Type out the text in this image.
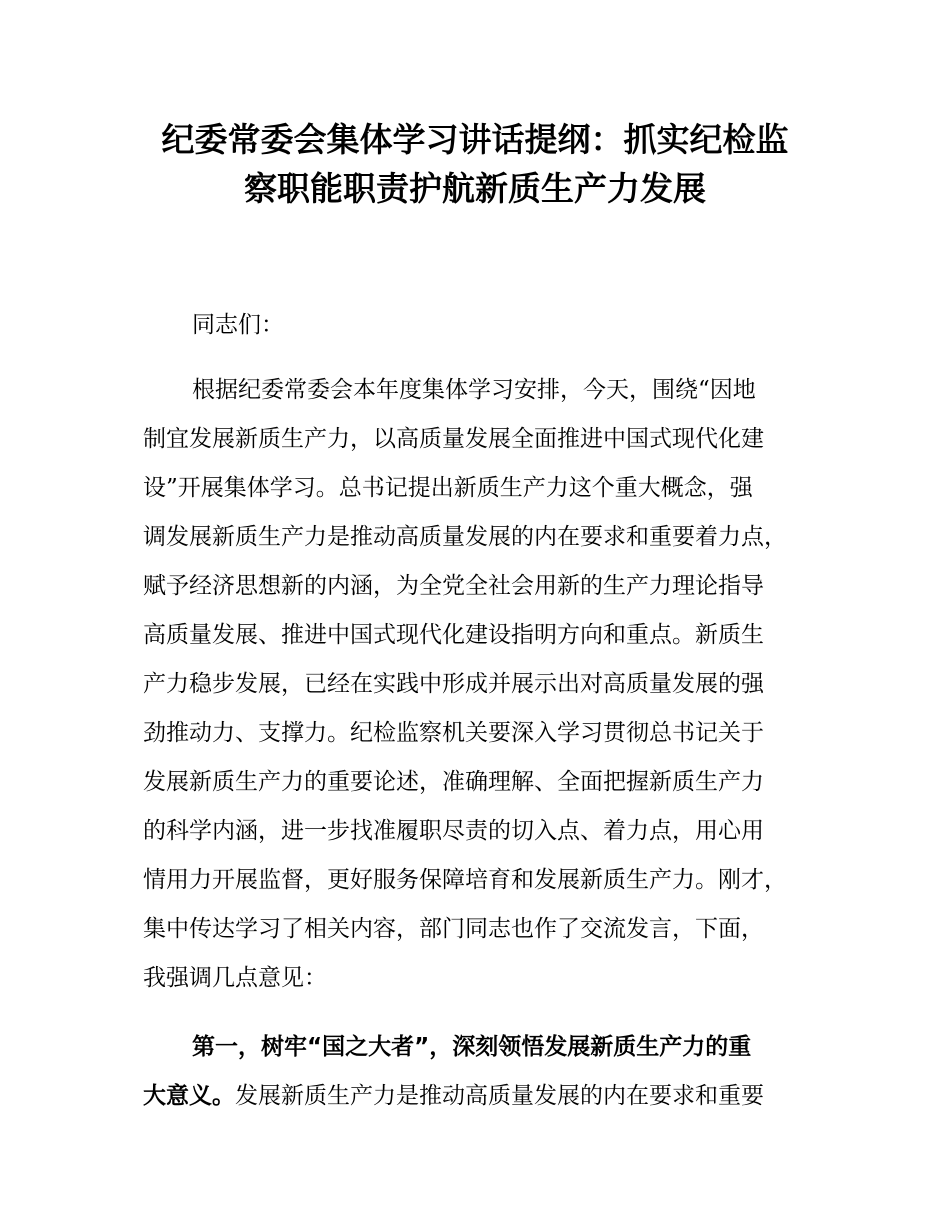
纪委常委会集体学习讲话提纲：抓实纪检监
察职能职责护航新质生产力发展
同志们：
根据纪委常委会本年度集体学习安排，今天，围绕“因地
制宜发展新质生产力，以高质量发展全面推进中国式现代化建
设”开展集体学习。总书记提出新质生产力这个重大概念，强
调发展新质生产力是推动高质量发展的内在要求和重要着力点，
赋予经济思想新的内涵，为全党全社会用新的生产力理论指导
高质量发展、推进中国式现代化建设指明方向和重点。新质生
产力稳步发展，已经在实践中形成并展示出对高质量发展的强
劲推动力、支撑力。纪检监察机关要深入学习贯彻总书记关于
发展新质生产力的重要论述，准确理解、全面把握新质生产力
的科学内涵，进一步找准履职尽责的切入点、着力点，用心用
情用力开展监督，更好服务保障培育和发展新质生产力。刚才，
集中传达学习了相关内容，部门同志也作了交流发言，下面，
我强调几点意见：
第一，树牢“国之大者”，深刻领悟发展新质生产力的重
大意义。发展新质生产力是推动高质量发展的内在要求和重要
